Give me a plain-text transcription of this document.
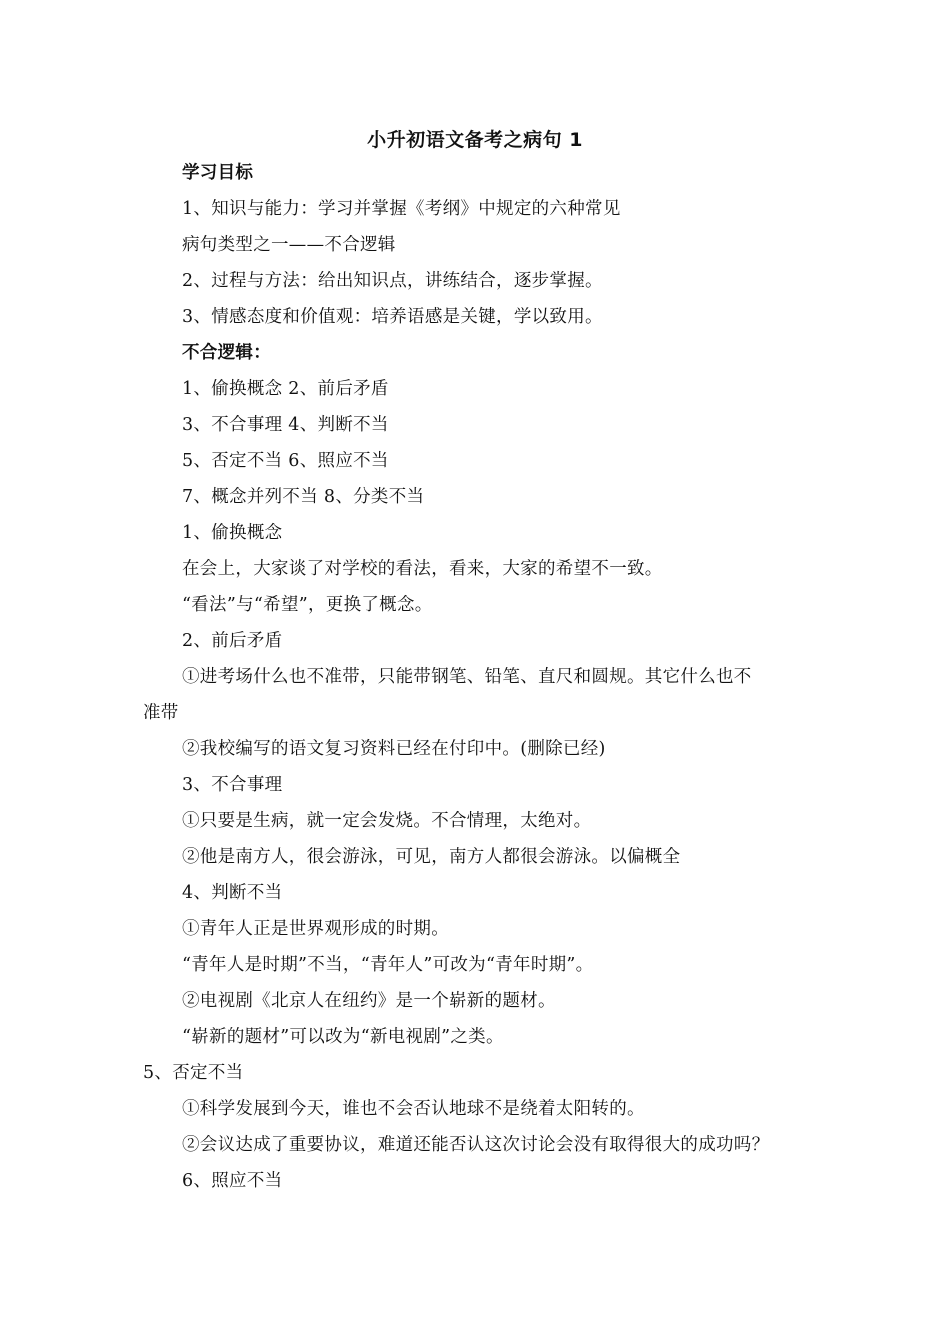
小升初语文备考之病句 1
学习目标
1、知识与能力：学习并掌握《考纲》中规定的六种常见
病句类型之一——不合逻辑
2、过程与方法：给出知识点，讲练结合，逐步掌握。
3、情感态度和价值观：培养语感是关键，学以致用。
不合逻辑：
1、偷换概念 2、前后矛盾
3、不合事理 4、判断不当
5、否定不当 6、照应不当
7、概念并列不当 8、分类不当
1、偷换概念
在会上，大家谈了对学校的看法，看来，大家的希望不一致。
“看法”与“希望”，更换了概念。
2、前后矛盾
①进考场什么也不准带，只能带钢笔、铅笔、直尺和圆规。其它什么也不
准带
②我校编写的语文复习资料已经在付印中。(删除已经)
3、不合事理
①只要是生病，就一定会发烧。不合情理，太绝对。
②他是南方人，很会游泳，可见，南方人都很会游泳。以偏概全
4、判断不当
①青年人正是世界观形成的时期。
“青年人是时期”不当，“青年人”可改为“青年时期”。
②电视剧《北京人在纽约》是一个崭新的题材。
“崭新的题材”可以改为“新电视剧”之类。
5、否定不当
①科学发展到今天，谁也不会否认地球不是绕着太阳转的。
②会议达成了重要协议，难道还能否认这次讨论会没有取得很大的成功吗？
6、照应不当
